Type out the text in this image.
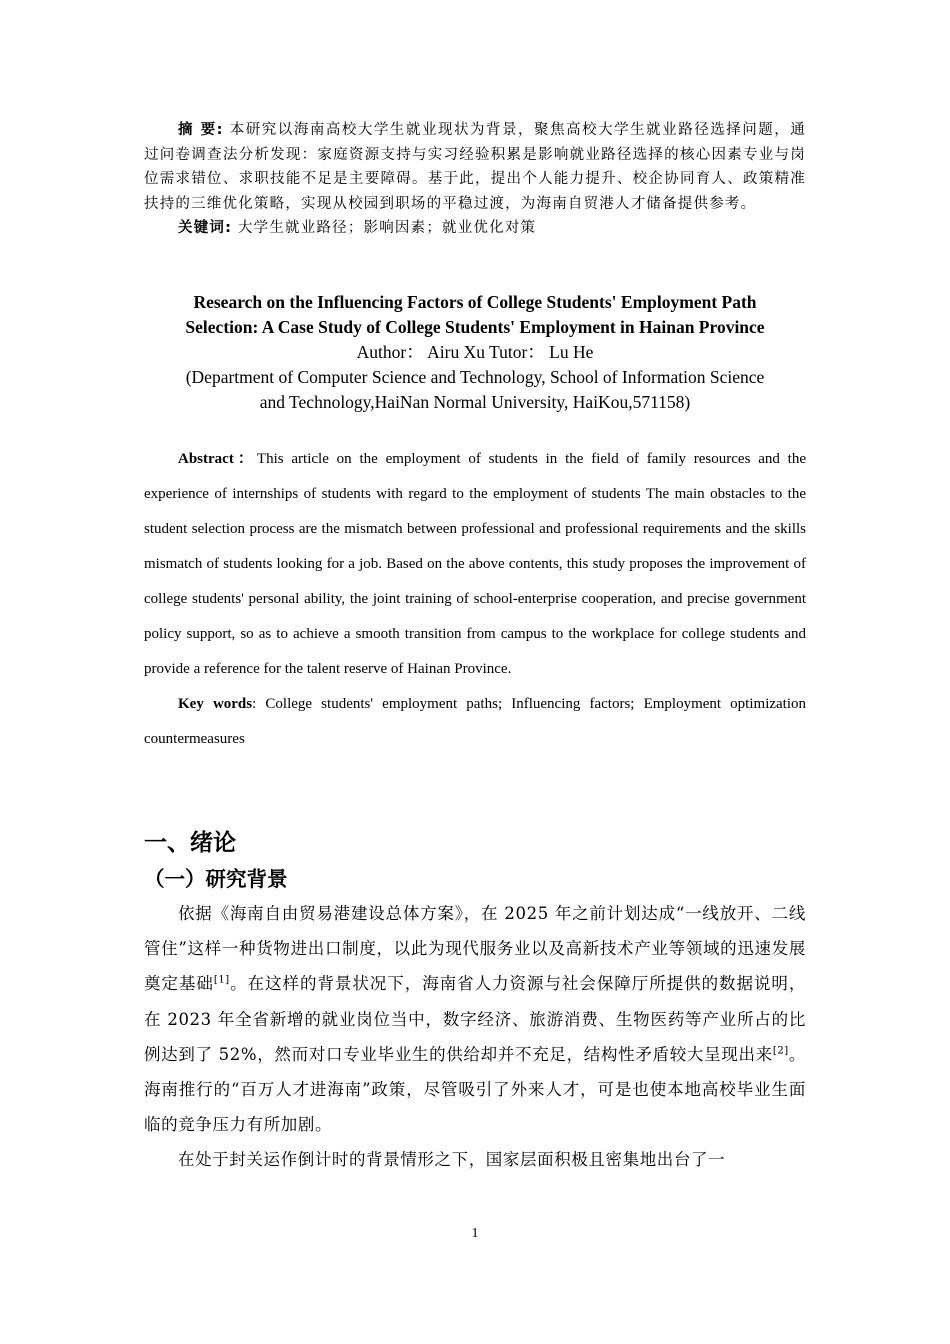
摘 要: 本研究以海南高校大学生就业现状为背景，聚焦高校大学生就业路径选择问题，通过问卷调查法分析发现：家庭资源支持与实习经验积累是影响就业路径选择的核心因素专业与岗位需求错位、求职技能不足是主要障碍。基于此，提出个人能力提升、校企协同育人、政策精准扶持的三维优化策略，实现从校园到职场的平稳过渡，为海南自贸港人才储备提供参考。

关键词: 大学生就业路径；影响因素；就业优化对策

Research on the Influencing Factors of College Students' Employment Path

Selection: A Case Study of College Students' Employment in Hainan Province

Author： Airu Xu Tutor： Lu He

(Department of Computer Science and Technology, School of Information Science

and Technology,HaiNan Normal University, HaiKou,571158)

Abstract：This article on the employment of students in the field of family resources and the experience of internships of students with regard to the employment of students The main obstacles to the student selection process are the mismatch between professional and professional requirements and the skills mismatch of students looking for a job. Based on the above contents, this study proposes the improvement of college students' personal ability, the joint training of school-enterprise cooperation, and precise government policy support, so as to achieve a smooth transition from campus to the workplace for college students and provide a reference for the talent reserve of Hainan Province.

Key words: College students' employment paths; Influencing factors; Employment optimization countermeasures

一、绪论
（一）研究背景

依据《海南自由贸易港建设总体方案》，在 2025 年之前计划达成“一线放开、二线管住”这样一种货物进出口制度，以此为现代服务业以及高新技术产业等领域的迅速发展奠定基础[1]。在这样的背景状况下，海南省人力资源与社会保障厅所提供的数据说明，在 2023 年全省新增的就业岗位当中，数字经济、旅游消费、生物医药等产业所占的比例达到了 52%，然而对口专业毕业生的供给却并不充足，结构性矛盾较大呈现出来[2]。海南推行的“百万人才进海南”政策，尽管吸引了外来人才，可是也使本地高校毕业生面临的竞争压力有所加剧。

在处于封关运作倒计时的背景情形之下，国家层面积极且密集地出台了一

1
